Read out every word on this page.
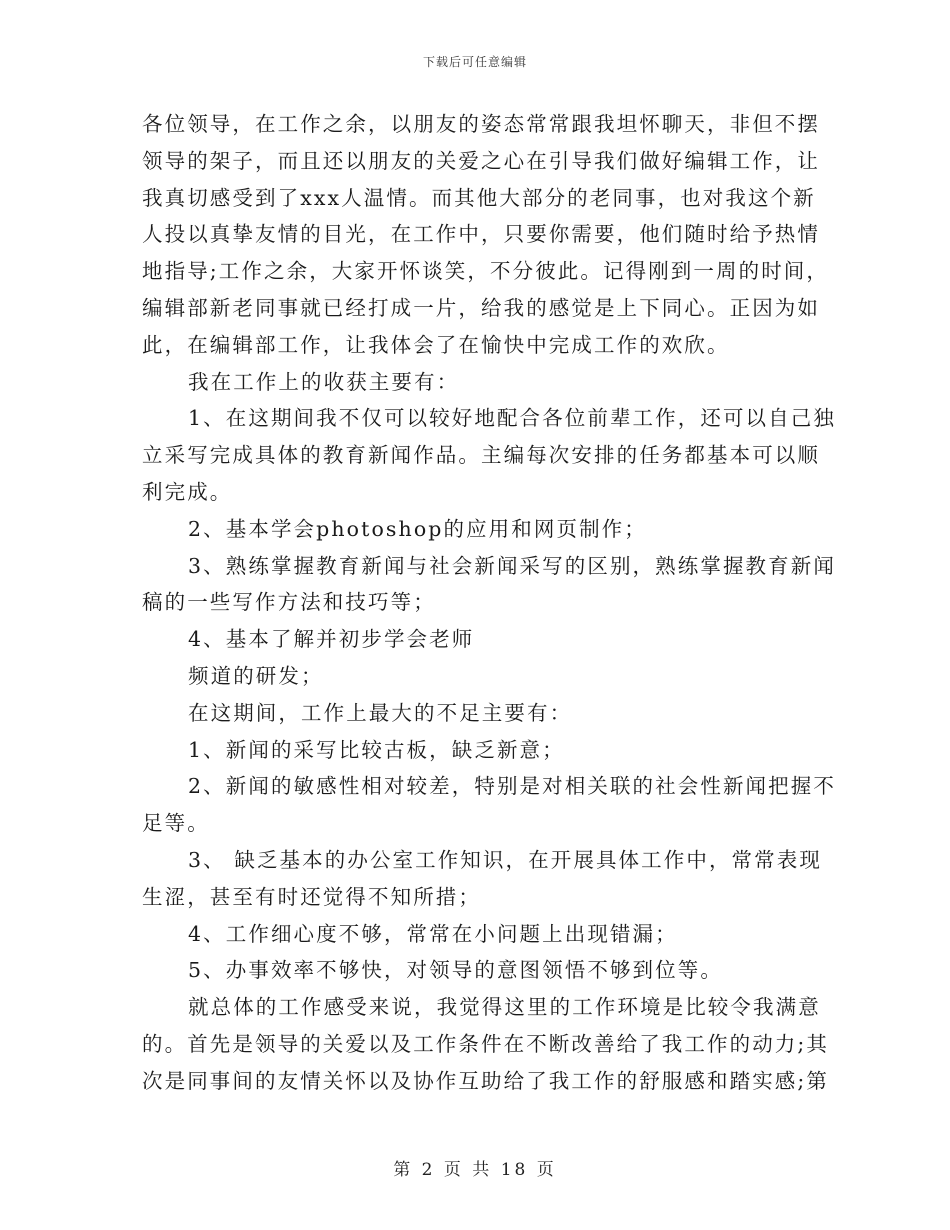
下载后可任意编辑
各位领导，在工作之余，以朋友的姿态常常跟我坦怀聊天，非但不摆
领导的架子，而且还以朋友的关爱之心在引导我们做好编辑工作，让
我真切感受到了xxx人温情。而其他大部分的老同事，也对我这个新
人投以真挚友情的目光，在工作中，只要你需要，他们随时给予热情
地指导;工作之余，大家开怀谈笑，不分彼此。记得刚到一周的时间，
编辑部新老同事就已经打成一片，给我的感觉是上下同心。正因为如
此，在编辑部工作，让我体会了在愉快中完成工作的欢欣。
我在工作上的收获主要有：
1、在这期间我不仅可以较好地配合各位前辈工作，还可以自己独
立采写完成具体的教育新闻作品。主编每次安排的任务都基本可以顺
利完成。
2、基本学会photoshop的应用和网页制作；
3、熟练掌握教育新闻与社会新闻采写的区别，熟练掌握教育新闻
稿的一些写作方法和技巧等；
4、基本了解并初步学会老师
频道的研发；
在这期间，工作上最大的不足主要有：
1、新闻的采写比较古板，缺乏新意；
2、新闻的敏感性相对较差，特别是对相关联的社会性新闻把握不
足等。
3、 缺乏基本的办公室工作知识，在开展具体工作中，常常表现
生涩，甚至有时还觉得不知所措；
4、工作细心度不够，常常在小问题上出现错漏；
5、办事效率不够快，对领导的意图领悟不够到位等。
就总体的工作感受来说，我觉得这里的工作环境是比较令我满意
的。首先是领导的关爱以及工作条件在不断改善给了我工作的动力;其
次是同事间的友情关怀以及协作互助给了我工作的舒服感和踏实感;第
第 2 页 共 18 页
